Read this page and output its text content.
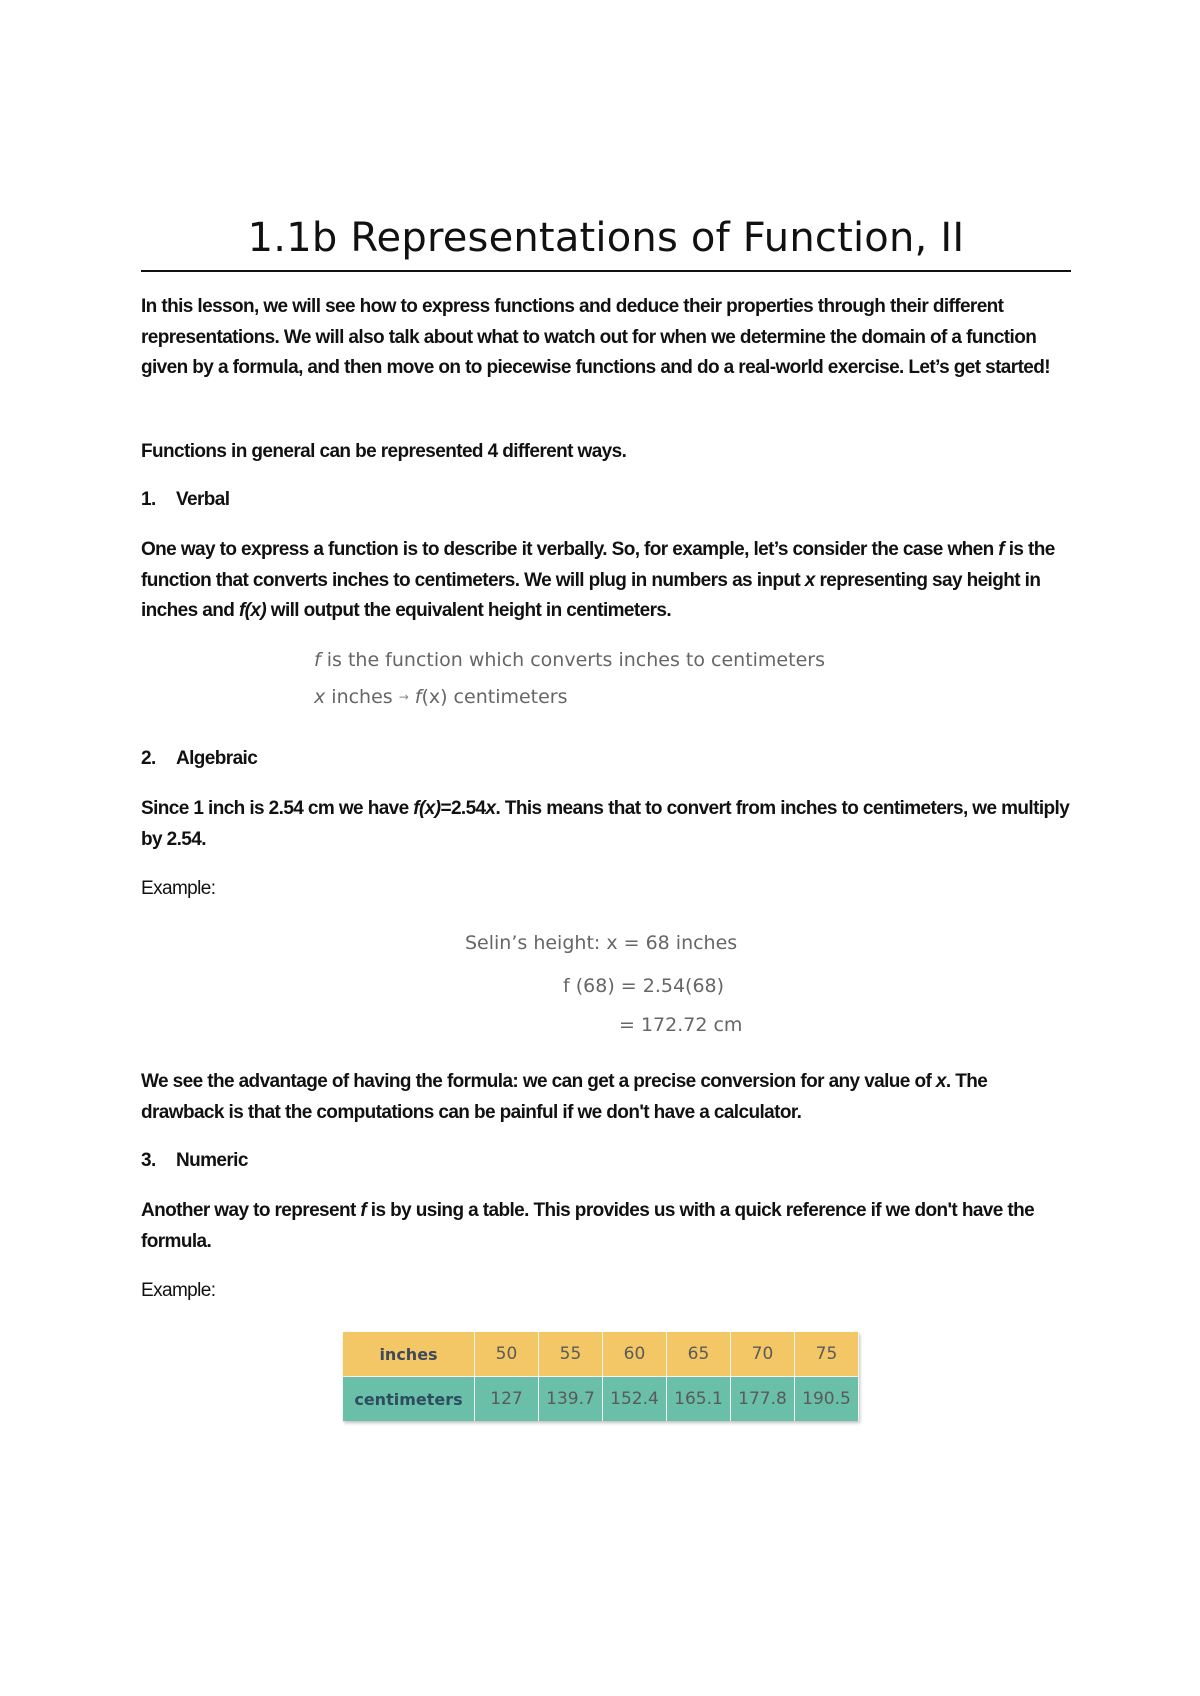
1.1b Representations of Function, II

In this lesson, we will see how to express functions and deduce their properties through their different representations. We will also talk about what to watch out for when we determine the domain of a function given by a formula, and then move on to piecewise functions and do a real-world exercise. Let’s get started!

Functions in general can be represented 4 different ways.

1. Verbal

One way to express a function is to describe it verbally. So, for example, let’s consider the case when f is the function that converts inches to centimeters. We will plug in numbers as input x representing say height in inches and f(x) will output the equivalent height in centimeters.

f is the function which converts inches to centimeters
x inches → f(x) centimeters
2. Algebraic

Since 1 inch is 2.54 cm we have f(x)=2.54x. This means that to convert from inches to centimeters, we multiply by 2.54.

Example:

Selin’s height: x = 68 inches
f (68) = 2.54(68)
= 172.72 cm

We see the advantage of having the formula: we can get a precise conversion for any value of x. The drawback is that the computations can be painful if we don't have a calculator.

3. Numeric

Another way to represent f is by using a table. This provides us with a quick reference if we don't have the formula.

Example:

inches	50	55	60	65	70	75
centimeters	127	139.7	152.4	165.1	177.8	190.5
